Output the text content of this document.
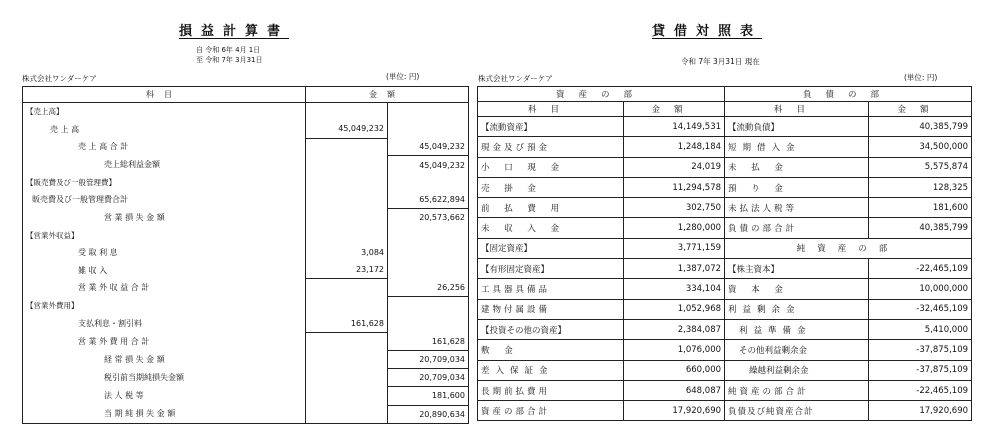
損益計算書
自 令和 6年 4月 1日
至 令和 7年 3月31日
株式会社ワンダーケア	(単位: 円)
科目	金額	
【売上高】		
売 上 高	45,049,232	
売 上 高 合 計		45,049,232
売上総利益金額		45,049,232
【販売費及び一般管理費】		
販売費及び一般管理費合計		65,622,894
営 業 損 失 金 額		20,573,662
【営業外収益】		
受 取 利 息	3,084	
雑 収 入	23,172	
営 業 外 収 益 合 計		26,256
【営業外費用】		
支払利息・割引料	161,628	
営 業 外 費 用 合 計		161,628
経 常 損 失 金 額		20,709,034
税引前当期純損失金額		20,709,034
法 人 税 等		181,600
当 期 純 損 失 金 額		20,890,634
貸借対照表
令和 7年 3月31日 現在
株式会社ワンダーケア	(単位: 円)
資産の部		負債の部	
科目	金額	科目	金額
【流動資産】	14,149,531	【流動負債】	40,385,799
現金及び預金	1,248,184	短期借入金	34,500,000
小 口 現 金	24,019	未 払 金	5,575,874
売 掛 金	11,294,578	預 り 金	128,325
前 払 費 用	302,750	未払法人税等	181,600
未 収 入 金	1,280,000	負債の部合計	40,385,799
【固定資産】	3,771,159	純資産の部	
【有形固定資産】	1,387,072	【株主資本】	-22,465,109
工具器具備品	334,104	資 本 金	10,000,000
建物付属設備	1,052,968	利益剰余金	-32,465,109
【投資その他の資産】	2,384,087	利益準備金	5,410,000
敷 金	1,076,000	その他利益剰余金	-37,875,109
差入保証金	660,000	繰越利益剰余金	-37,875,109
長期前払費用	648,087	純資産の部合計	-22,465,109
資産の部合計	17,920,690	負債及び純資産合計	17,920,690
